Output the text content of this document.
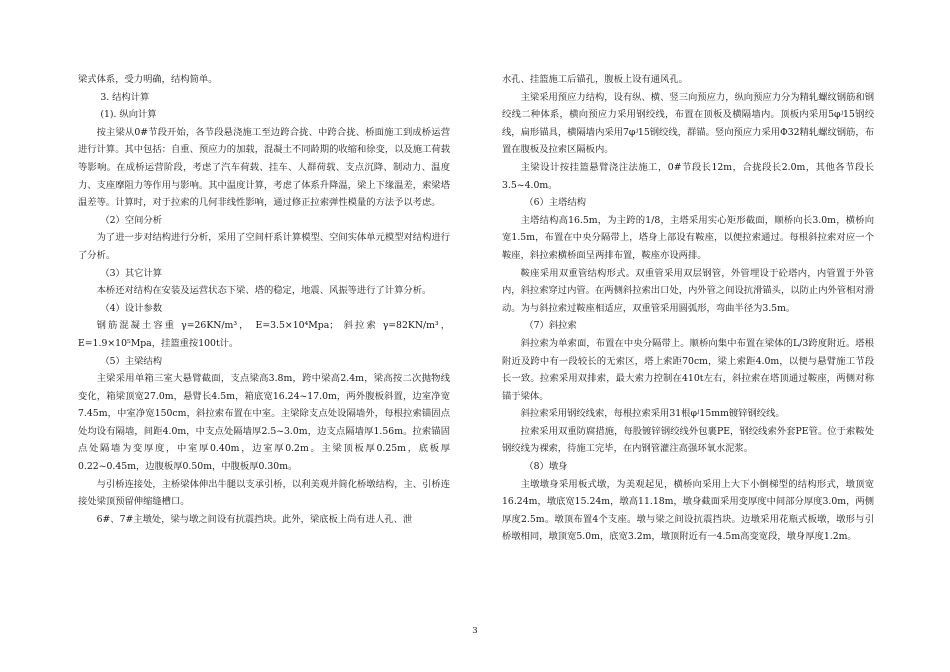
梁式体系，受力明确，结构简单。

3. 结构计算

(1). 纵向计算

按主梁从0#节段开始，各节段悬浇施工至边跨合拢、中跨合拢、桥面施工到成桥运营进行计算。其中包括：自重、预应力的加载，混凝土不同龄期的收缩和徐变，以及施工荷载等影响。在成桥运营阶段，考虑了汽车荷载、挂车、人群荷载、支点沉降、制动力、温度力、支座摩阻力等作用与影响。其中温度计算，考虑了体系升降温，梁上下缘温差，索梁塔温差等。计算时，对于拉索的几何非线性影响，通过修正拉索弹性模量的方法予以考虑。

（2）空间分析

为了进一步对结构进行分析，采用了空间杆系计算模型、空间实体单元模型对结构进行了分析。

（3）其它计算

本桥还对结构在安装及运营状态下梁、塔的稳定，地震、风振等进行了计算分析。

（4）设计参数

钢筋混凝土容重 γ=26KN/m³， E=3.5×10⁴Mpa； 斜拉索 γ=82KN/m³，E=1.9×10⁵Mpa，挂篮重按100t计。

（5）主梁结构

主梁采用单箱三室大悬臂截面，支点梁高3.8m，跨中梁高2.4m，梁高按二次抛物线变化，箱梁顶宽27.0m，悬臂长4.5m，箱底宽16.24~17.0m，两外腹板斜置，边室净宽7.45m，中室净宽150cm，斜拉索布置在中室。主梁除支点处设隔墙外，每根拉索锚固点处均设有隔墙，间距4.0m，中支点处隔墙厚2.5~3.0m，边支点隔墙厚1.56m。拉索锚固点处隔墙为变厚度，中室厚0.40m，边室厚0.2m。主梁顶板厚0.25m，底板厚0.22~0.45m，边腹板厚0.50m，中腹板厚0.30m。

与引桥连接处，主桥梁体伸出牛腿以支承引桥，以利美观并简化桥墩结构，主、引桥连接处梁顶预留伸缩缝槽口。

6#、7#主墩处，梁与墩之间设有抗震挡块。此外，梁底板上尚有进人孔、泄

水孔、挂篮施工后锚孔，腹板上设有通风孔。

主梁采用预应力结构，设有纵、横、竖三向预应力，纵向预应力分为精轧螺纹钢筋和钢绞线二种体系，横向预应力采用钢绞线，布置在顶板及横隔墙内。顶板内采用5φʲ15钢绞线，扁形锚具，横隔墙内采用7φʲ15钢绞线，群锚。竖向预应力采用Φ32精轧螺纹钢筋，布置在腹板及拉索区隔板内。

主梁设计按挂篮悬臂浇注法施工，0#节段长12m，合拢段长2.0m，其他各节段长3.5~4.0m。

（6）主塔结构

主塔结构高16.5m，为主跨的1/8，主塔采用实心矩形截面，顺桥向长3.0m，横桥向宽1.5m，布置在中央分隔带上，塔身上部设有鞍座，以便拉索通过。每根斜拉索对应一个鞍座，斜拉索横桥面呈两排布置，鞍座亦设两排。

鞍座采用双重管结构形式。双重管采用双层钢管，外管埋设于砼塔内，内管置于外管内，斜拉索穿过内管。在两侧斜拉索出口处，内外管之间设抗滑锚头，以防止内外管相对滑动。为与斜拉索过鞍座相适应，双重管采用圆弧形，弯曲半径为3.5m。

（7）斜拉索

斜拉索为单索面，布置在中央分隔带上。顺桥向集中布置在梁体的L/3跨度附近。塔根附近及跨中有一段较长的无索区，塔上索距70cm，梁上索距4.0m，以便与悬臂施工节段长一致。拉索采用双排索，最大索力控制在410t左右，斜拉索在塔顶通过鞍座，两侧对称锚于梁体。

斜拉索采用钢绞线索，每根拉索采用31根φʲ15mm镀锌钢绞线。

拉索采用双重防腐措施，每股镀锌钢绞线外包裹PE，钢绞线索外套PE管。位于索鞍处钢绞线为裸索，待施工完毕，在内钢管灌注高强环氧水泥浆。

（8）墩身

主墩墩身采用板式墩，为美观起见，横桥向采用上大下小倒梯型的结构形式，墩顶宽16.24m，墩底宽15.24m，墩高11.18m，墩身截面采用变厚度中间部分厚度3.0m，两侧厚度2.5m。墩顶布置4个支座。墩与梁之间设抗震挡块。边墩采用花瓶式板墩，墩形与引桥墩相同，墩顶宽5.0m，底宽3.2m，墩顶附近有一4.5m高变宽段，墩身厚度1.2m。

3
